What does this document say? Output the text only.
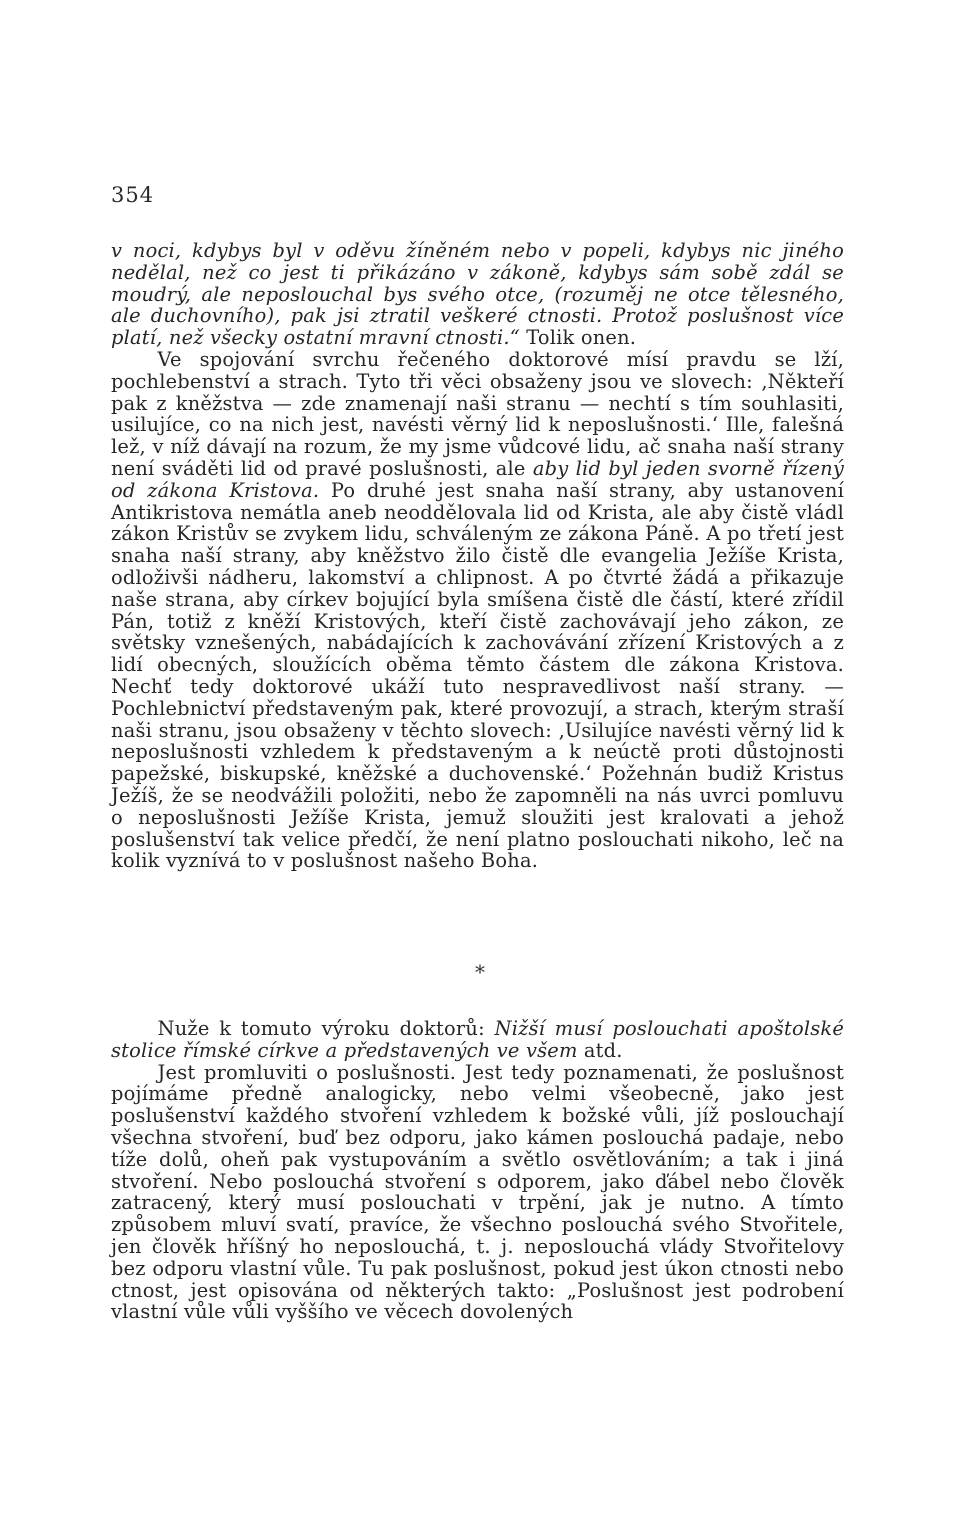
354

v noci, kdybys byl v oděvu žíněném nebo v popeli, kdybys nic jiného nedělal, než co jest ti přikázáno v zákoně, kdybys sám sobě zdál se moudrý, ale neposlouchal bys svého otce, (rozuměj ne otce tělesného, ale duchovního), pak jsi ztratil veškeré ctnosti. Protož poslušnost více platí, než všecky ostatní mravní ctnosti.“ Tolik onen.

Ve spojování svrchu řečeného doktorové mísí pravdu se lží, pochlebenství a strach. Tyto tři věci obsaženy jsou ve slovech: ‚Někteří pak z kněžstva — zde znamenají naši stranu — nechtí s tím souhlasiti, usilujíce, co na nich jest, navésti věrný lid k neposlušnosti.‘ Ille, falešná lež, v níž dávají na rozum, že my jsme vůdcové lidu, ač snaha naší strany není sváděti lid od pravé poslušnosti, ale aby lid byl jeden svorně řízený od zákona Kristova. Po druhé jest snaha naší strany, aby ustanovení Antikristova nemátla aneb neoddělovala lid od Krista, ale aby čistě vládl zákon Kristův se zvykem lidu, schváleným ze zákona Páně. A po třetí jest snaha naší strany, aby kněžstvo žilo čistě dle evangelia Ježíše Krista, odloživši nádheru, lakomství a chlipnost. A po čtvrté žádá a přikazuje naše strana, aby církev bojující byla smíšena čistě dle částí, které zřídil Pán, totiž z kněží Kristových, kteří čistě zachovávají jeho zákon, ze světsky vznešených, nabádajících k zachovávání zřízení Kristových a z lidí obecných, sloužících oběma těmto částem dle zákona Kristova. Nechť tedy doktorové ukáží tuto nespravedlivost naší strany. — Pochlebnictví představeným pak, které provozují, a strach, kterým straší naši stranu, jsou obsaženy v těchto slovech: ‚Usilujíce navésti věrný lid k neposlušnosti vzhledem k představeným a k neúctě proti důstojnosti papežské, biskupské, kněžské a duchovenské.‘ Požehnán budiž Kristus Ježíš, že se neodvážili položiti, nebo že zapomněli na nás uvrci pomluvu o neposlušnosti Ježíše Krista, jemuž sloužiti jest kralovati a jehož poslušenství tak velice předčí, že není platno poslouchati nikoho, leč na kolik vyznívá to v poslušnost našeho Boha.

*

Nuže k tomuto výroku doktorů: Nižší musí poslouchati apoštolské stolice římské církve a představených ve všem atd.

Jest promluviti o poslušnosti. Jest tedy poznamenati, že poslušnost pojímáme předně analogicky, nebo velmi všeobecně, jako jest poslušenství každého stvoření vzhledem k božské vůli, jíž poslouchají všechna stvoření, buď bez odporu, jako kámen poslouchá padaje, nebo tíže dolů, oheň pak vystupováním a světlo osvětlováním; a tak i jiná stvoření. Nebo poslouchá stvoření s odporem, jako ďábel nebo člověk zatracený, který musí poslouchati v trpění, jak je nutno. A tímto způsobem mluví svatí, pravíce, že všechno poslouchá svého Stvořitele, jen člověk hříšný ho neposlouchá, t. j. neposlouchá vlády Stvořitelovy bez odporu vlastní vůle. Tu pak poslušnost, pokud jest úkon ctnosti nebo ctnost, jest opisována od některých takto: „Poslušnost jest podrobení vlastní vůle vůli vyššího ve věcech dovolených
